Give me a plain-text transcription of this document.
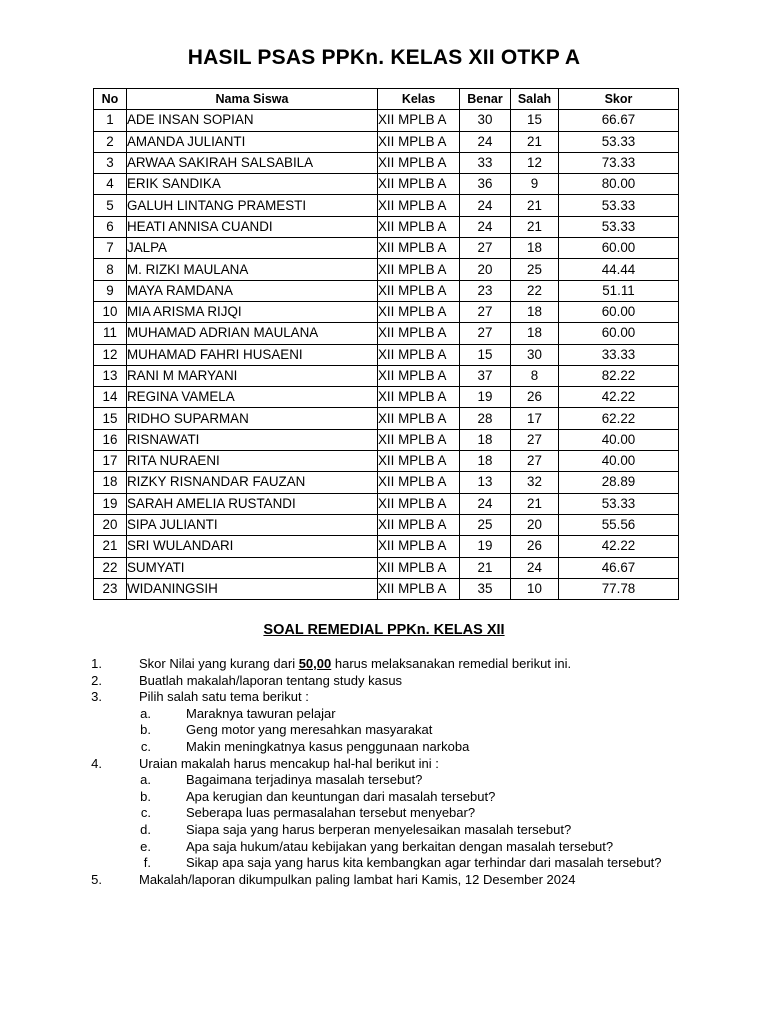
HASIL PSAS PPKn. KELAS XII OTKP A
No	Nama Siswa	Kelas	Benar	Salah	Skor
1	ADE INSAN SOPIAN	XII MPLB A	30	15	66.67
2	AMANDA JULIANTI	XII MPLB A	24	21	53.33
3	ARWAA SAKIRAH SALSABILA	XII MPLB A	33	12	73.33
4	ERIK SANDIKA	XII MPLB A	36	9	80.00
5	GALUH LINTANG PRAMESTI	XII MPLB A	24	21	53.33
6	HEATI ANNISA CUANDI	XII MPLB A	24	21	53.33
7	JALPA	XII MPLB A	27	18	60.00
8	M. RIZKI MAULANA	XII MPLB A	20	25	44.44
9	MAYA RAMDANA	XII MPLB A	23	22	51.11
10	MIA ARISMA RIJQI	XII MPLB A	27	18	60.00
11	MUHAMAD ADRIAN MAULANA	XII MPLB A	27	18	60.00
12	MUHAMAD FAHRI HUSAENI	XII MPLB A	15	30	33.33
13	RANI M MARYANI	XII MPLB A	37	8	82.22
14	REGINA VAMELA	XII MPLB A	19	26	42.22
15	RIDHO SUPARMAN	XII MPLB A	28	17	62.22
16	RISNAWATI	XII MPLB A	18	27	40.00
17	RITA NURAENI	XII MPLB A	18	27	40.00
18	RIZKY RISNANDAR FAUZAN	XII MPLB A	13	32	28.89
19	SARAH AMELIA RUSTANDI	XII MPLB A	24	21	53.33
20	SIPA JULIANTI	XII MPLB A	25	20	55.56
21	SRI WULANDARI	XII MPLB A	19	26	42.22
22	SUMYATI	XII MPLB A	21	24	46.67
23	WIDANINGSIH	XII MPLB A	35	10	77.78
SOAL REMEDIAL PPKn. KELAS XII
1.	Skor Nilai yang kurang dari 50,00 harus melaksanakan remedial berikut ini.
2.	Buatlah makalah/laporan tentang study kasus
3.	Pilih salah satu tema berikut :
a.	Maraknya tawuran pelajar
b.	Geng motor yang meresahkan masyarakat
c.	Makin meningkatnya kasus penggunaan narkoba
4.	Uraian makalah harus mencakup hal-hal berikut ini :
a.	Bagaimana terjadinya masalah tersebut?
b.	Apa kerugian dan keuntungan dari masalah tersebut?
c.	Seberapa luas permasalahan tersebut menyebar?
d.	Siapa saja yang harus berperan menyelesaikan masalah tersebut?
e.	Apa saja hukum/atau kebijakan yang berkaitan dengan masalah tersebut?
f.	Sikap apa saja yang harus kita kembangkan agar terhindar dari masalah tersebut?
5.	Makalah/laporan dikumpulkan paling lambat hari Kamis, 12 Desember 2024
